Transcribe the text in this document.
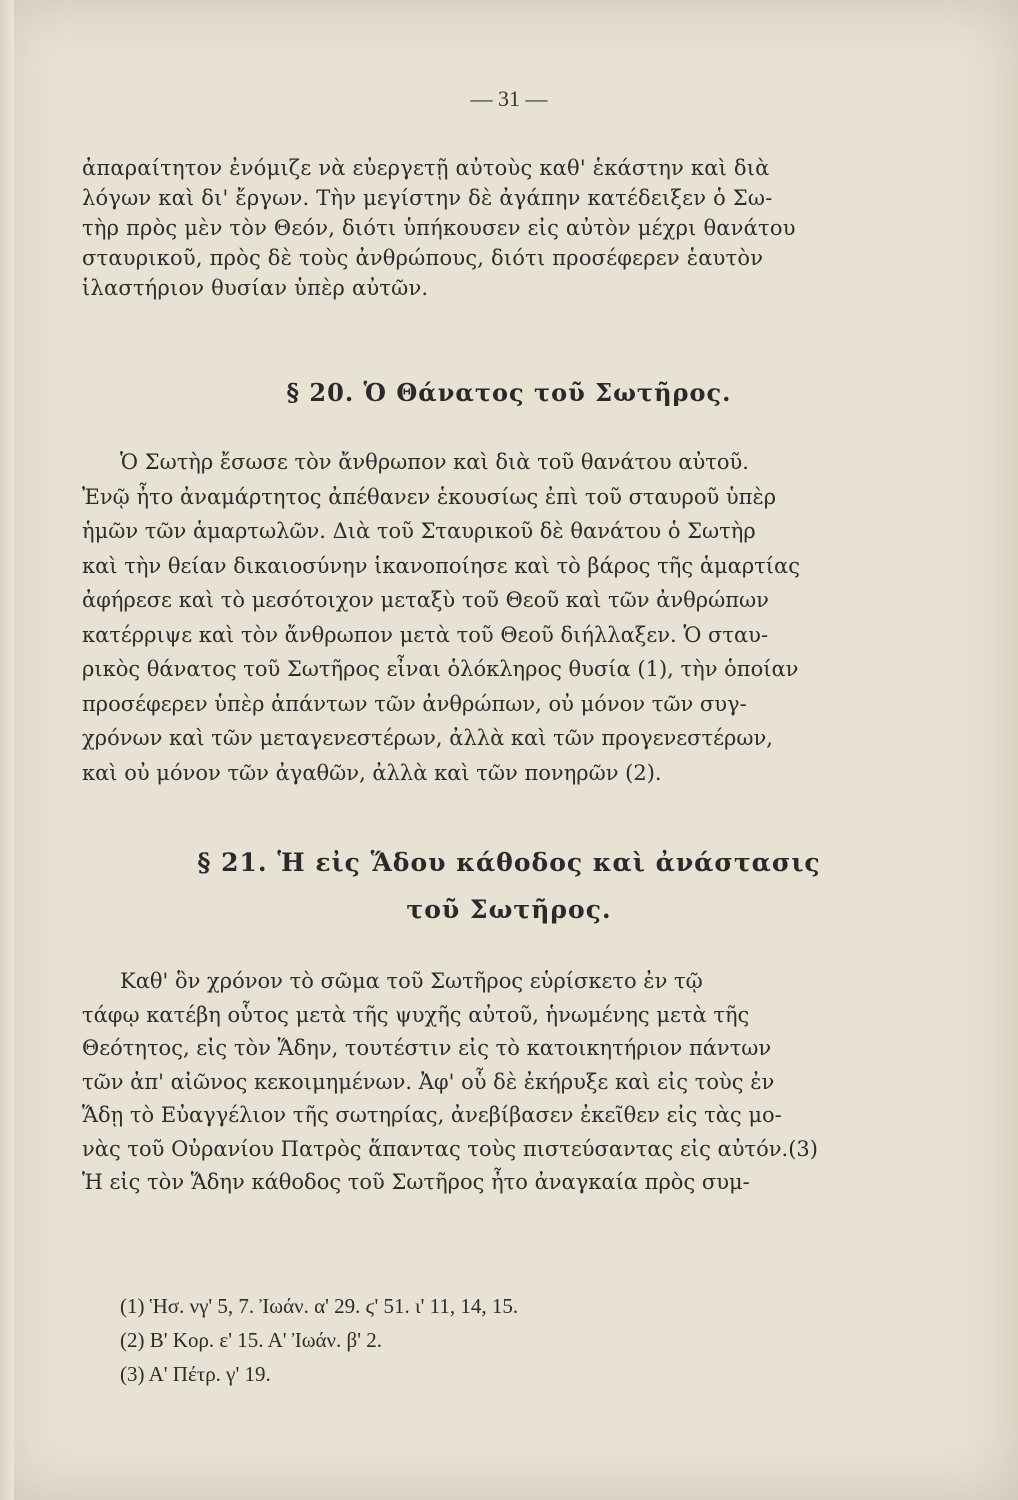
— 31 —
ἀπαραίτητον ἐνόμιζε νὰ εὐεργετῇ αὐτοὺς καθ' ἑκάστην καὶ διὰ
λόγων καὶ δι' ἔργων. Τὴν μεγίστην δὲ ἀγάπην κατέδειξεν ὁ Σω-
τὴρ πρὸς μὲν τὸν Θεόν, διότι ὑπήκουσεν εἰς αὐτὸν μέχρι θανάτου
σταυρικοῦ, πρὸς δὲ τοὺς ἀνθρώπους, διότι προσέφερεν ἑαυτὸν
ἱλαστήριον θυσίαν ὑπὲρ αὐτῶν.
§ 20. Ὁ Θάνατος τοῦ Σωτῆρος.
Ὁ Σωτὴρ ἔσωσε τὸν ἄνθρωπον καὶ διὰ τοῦ θανάτου αὐτοῦ.
Ἐνῷ ἦτο ἀναμάρτητος ἀπέθανεν ἑκουσίως ἐπὶ τοῦ σταυροῦ ὑπὲρ
ἡμῶν τῶν ἁμαρτωλῶν. Διὰ τοῦ Σταυρικοῦ δὲ θανάτου ὁ Σωτὴρ
καὶ τὴν θείαν δικαιοσύνην ἱκανοποίησε καὶ τὸ βάρος τῆς ἁμαρτίας
ἀφήρεσε καὶ τὸ μεσότοιχον μεταξὺ τοῦ Θεοῦ καὶ τῶν ἀνθρώπων
κατέρριψε καὶ τὸν ἄνθρωπον μετὰ τοῦ Θεοῦ διήλλαξεν. Ὁ σταυ-
ρικὸς θάνατος τοῦ Σωτῆρος εἶναι ὁλόκληρος θυσία (1), τὴν ὁποίαν
προσέφερεν ὑπὲρ ἁπάντων τῶν ἀνθρώπων, οὐ μόνον τῶν συγ-
χρόνων καὶ τῶν μεταγενεστέρων, ἀλλὰ καὶ τῶν προγενεστέρων,
καὶ οὐ μόνον τῶν ἀγαθῶν, ἀλλὰ καὶ τῶν πονηρῶν (2).
§ 21. Ἡ εἰς Ἅδου κάθοδος καὶ ἀνάστασις
τοῦ Σωτῆρος.
Καθ' ὃν χρόνον τὸ σῶμα τοῦ Σωτῆρος εὑρίσκετο ἐν τῷ
τάφῳ κατέβη οὗτος μετὰ τῆς ψυχῆς αὐτοῦ, ἡνωμένης μετὰ τῆς
Θεότητος, εἰς τὸν Ἅδην, τουτέστιν εἰς τὸ κατοικητήριον πάντων
τῶν ἀπ' αἰῶνος κεκοιμημένων. Ἀφ' οὗ δὲ ἐκήρυξε καὶ εἰς τοὺς ἐν
Ἅδῃ τὸ Εὐαγγέλιον τῆς σωτηρίας, ἀνεβίβασεν ἐκεῖθεν εἰς τὰς μο-
νὰς τοῦ Οὐρανίου Πατρὸς ἅπαντας τοὺς πιστεύσαντας εἰς αὐτόν.(3)
Ἡ εἰς τὸν Ἅδην κάθοδος τοῦ Σωτῆρος ἦτο ἀναγκαία πρὸς συμ-
(1) Ἡσ. νγ' 5, 7. Ἰωάν. α' 29. ϛ' 51. ι' 11, 14, 15.
(2) Β' Κορ. ε' 15. Α' Ἰωάν. β' 2.
(3) Α' Πέτρ. γ' 19.
